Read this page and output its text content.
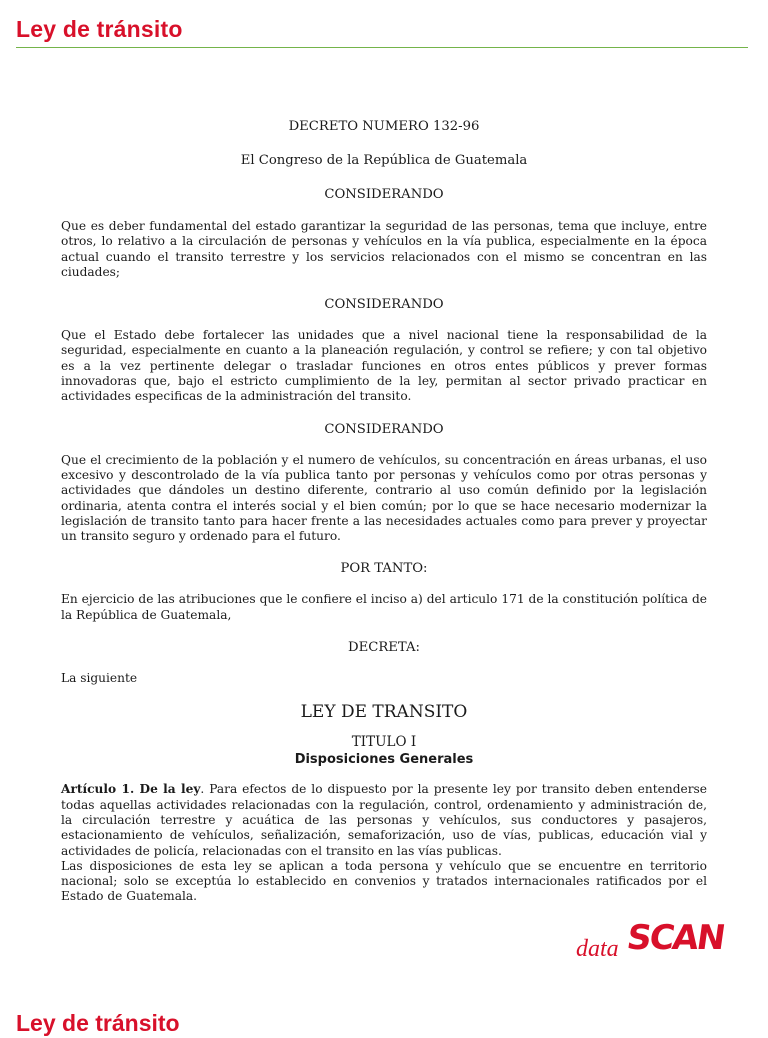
Ley de tránsito

DECRETO NUMERO 132-96

El Congreso de la República de Guatemala

CONSIDERANDO

Que es deber fundamental del estado garantizar la seguridad de las personas, tema que incluye, entre otros, lo relativo a la circulación de personas y vehículos en la vía publica, especialmente en la época actual cuando el transito terrestre y los servicios relacionados con el mismo se concentran en las ciudades;

CONSIDERANDO

Que el Estado debe fortalecer las unidades que a nivel nacional tiene la responsabilidad de la seguridad, especialmente en cuanto a la planeación regulación, y control se refiere; y con tal objetivo es a la vez pertinente delegar o trasladar funciones en otros entes públicos y prever formas innovadoras que, bajo el estricto cumplimiento de la ley, permitan al sector privado practicar en actividades especificas de la administración del transito.

CONSIDERANDO

Que el crecimiento de la población y el numero de vehículos, su concentración en áreas urbanas, el uso excesivo y descontrolado de la vía publica tanto por personas y vehículos como por otras personas y actividades que dándoles un destino diferente, contrario al uso común definido por la legislación ordinaria, atenta contra el interés social y el bien común; por lo que se hace necesario modernizar la legislación de transito tanto para hacer frente a las necesidades actuales como para prever y proyectar un transito seguro y ordenado para el futuro.

POR TANTO:

En ejercicio de las atribuciones que le confiere el inciso a) del articulo 171 de la constitución política de la República de Guatemala,

DECRETA:

La siguiente

LEY DE TRANSITO

TITULO I

Disposiciones Generales

Artículo 1. De la ley. Para efectos de lo dispuesto por la presente ley por transito deben entenderse todas aquellas actividades relacionadas con la regulación, control, ordenamiento y administración de, la circulación terrestre y acuática de las personas y vehículos, sus conductores y pasajeros, estacionamiento de vehículos, señalización, semaforización, uso de vías, publicas, educación vial y actividades de policía, relacionadas con el transito en las vías publicas.

Las disposiciones de esta ley se aplican a toda persona y vehículo que se encuentre en territorio nacional; solo se exceptúa lo establecido en convenios y tratados internacionales ratificados por el Estado de Guatemala.

data SCAN
Ley de tránsito
